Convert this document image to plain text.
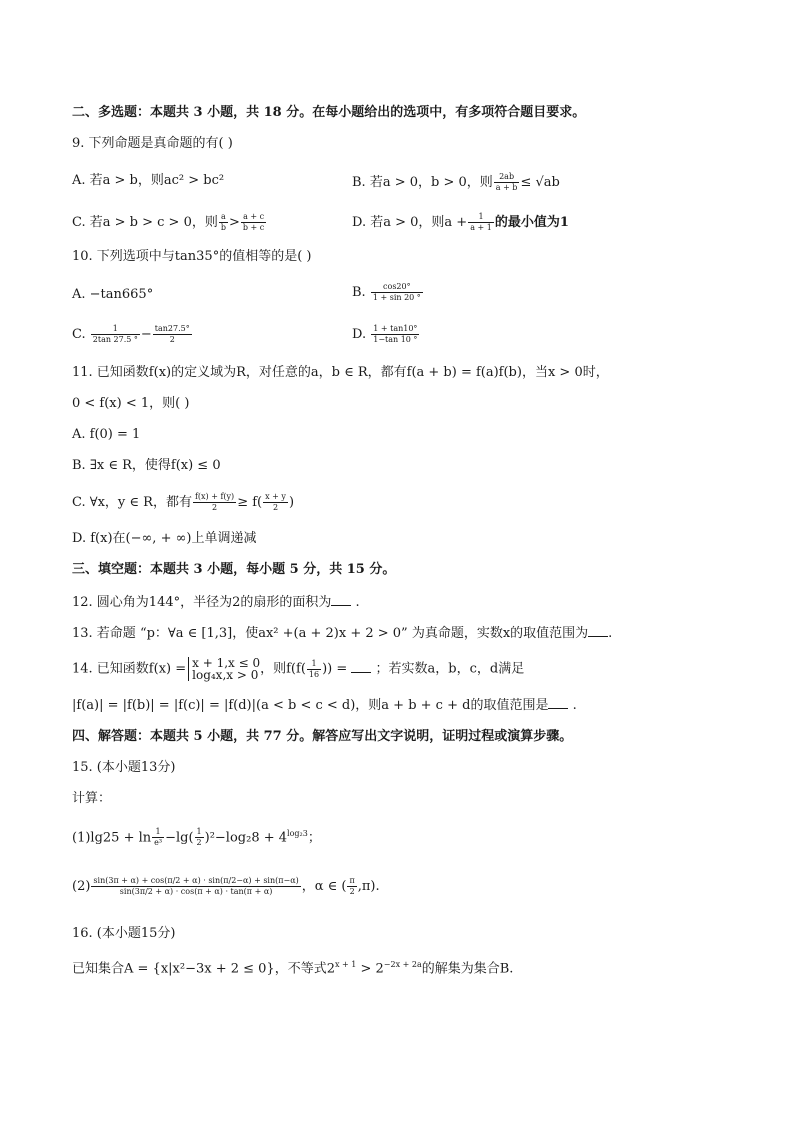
二、多选题：本题共 3 小题，共 18 分。在每小题给出的选项中，有多项符合题目要求。
9. 下列命题是真命题的有( )
A. 若a > b，则ac² > bc²	B. 若a > 0，b > 0，则 $\frac{2ab}{a + b} \le √ab$
C. 若a > b > c > 0，则 $\frac{a}{b} > \frac{a + c}{b + c}$	D. 若a > 0，则$a + \frac{1}{a + 1}$ 的最小值为1
10. 下列选项中与tan35°的值相等的是( )
A. −tan665°	B. $\frac{\cos 20^\circ}{1 + \sin 20 ^\circ}$
C. $\frac{1}{2\tan 27.5 ^\circ} - \frac{\tan 27.5^\circ}{2}$	D. $\frac{1 + \tan 10^\circ}{1-\tan 10 ^\circ}$
11. 已知函数f(x)的定义域为R，对任意的a，b ∈ R，都有f(a + b) = f(a)f(b)，当x > 0时，
0 < f(x) < 1，则( )
A. f(0) = 1
B. ∃x ∈ R，使得f(x) ≤ 0
C. ∀x，y ∈ R，都有 $\frac{f(x) + f(y)}{2} \ge f( \frac{x + y}{2}$ )
D. f(x)在(−∞, + ∞)上单调递减
三、填空题：本题共 3 小题，每小题 5 分，共 15 分。
12. 圆心角为144°，半径为2的扇形的面积为 .
13. 若命题 “p：∀a ∈ [1,3]，使ax² +(a + 2)x + 2 > 0” 为真命题，实数x的取值范围为 .
14. 已知函数f(x) = x + 1,x ≤ 0
log₄x,x > 0 ，则$f(f( \frac{1}{16}$ )) = ；若实数a，b，c，d满足
|f(a)| = |f(b)| = |f(c)| = |f(d)|(a < b < c < d)，则a + b + c + d的取值范围是 .
四、解答题：本题共 5 小题，共 77 分。解答应写出文字说明，证明过程或演算步骤。
15. (本小题13分)
计算：
$(1)\lg 25 + \ln \frac{1}{\text{e³}} -\lg( \frac{1}{2} )^2-\log_28 + 4^{log_23}$；
$(2) \frac{\sin(3\pi + \alpha) + \cos(\pi/2 + \alpha) \cdot \sin(\pi/2-\alpha) + \sin(\pi-\alpha)}{\sin(3\pi/2 + \alpha) \cdot \cos(\pi + \alpha) \cdot \tan(\pi + \alpha)}$ ，α ∈ ( $\frac{\pi}{2} ,\pi$).
16. (本小题15分)
已知集合A = {x|x²−3x + 2 ≤ 0}，不等式$2^{x + 1} > 2^{-2x + 2a}$的解集为集合B.
